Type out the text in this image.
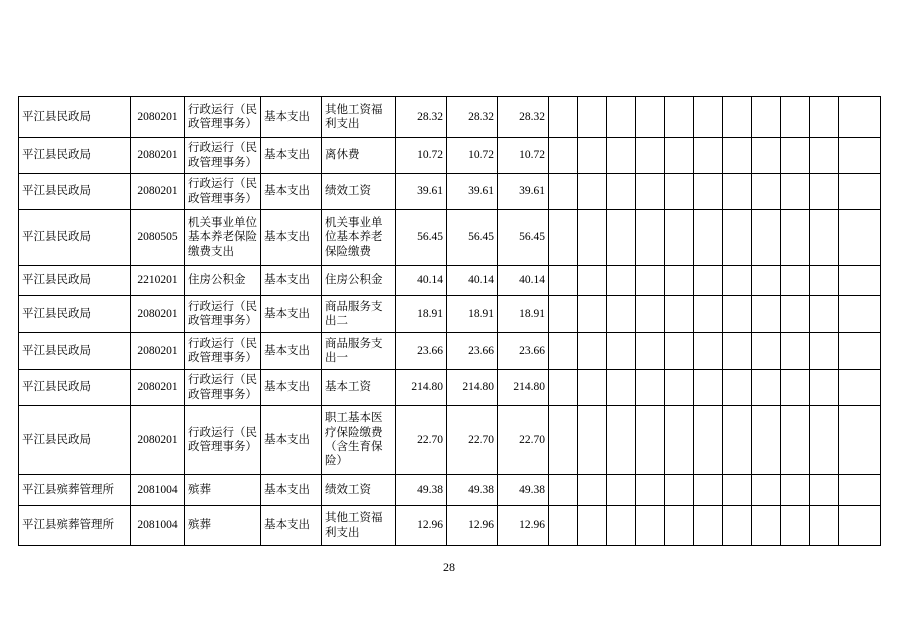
平江县民政局	2080201	行政运行（民政管理事务）	基本支出	其他工资福利支出	28.32	28.32	28.32											
平江县民政局	2080201	行政运行（民政管理事务）	基本支出	离休费	10.72	10.72	10.72											
平江县民政局	2080201	行政运行（民政管理事务）	基本支出	绩效工资	39.61	39.61	39.61											
平江县民政局	2080505	机关事业单位基本养老保险缴费支出	基本支出	机关事业单位基本养老保险缴费	56.45	56.45	56.45											
平江县民政局	2210201	住房公积金	基本支出	住房公积金	40.14	40.14	40.14											
平江县民政局	2080201	行政运行（民政管理事务）	基本支出	商品服务支出二	18.91	18.91	18.91											
平江县民政局	2080201	行政运行（民政管理事务）	基本支出	商品服务支出一	23.66	23.66	23.66											
平江县民政局	2080201	行政运行（民政管理事务）	基本支出	基本工资	214.80	214.80	214.80											
平江县民政局	2080201	行政运行（民政管理事务）	基本支出	职工基本医疗保险缴费（含生育保险）	22.70	22.70	22.70											
平江县殡葬管理所	2081004	殡葬	基本支出	绩效工资	49.38	49.38	49.38											
平江县殡葬管理所	2081004	殡葬	基本支出	其他工资福利支出	12.96	12.96	12.96											
28
